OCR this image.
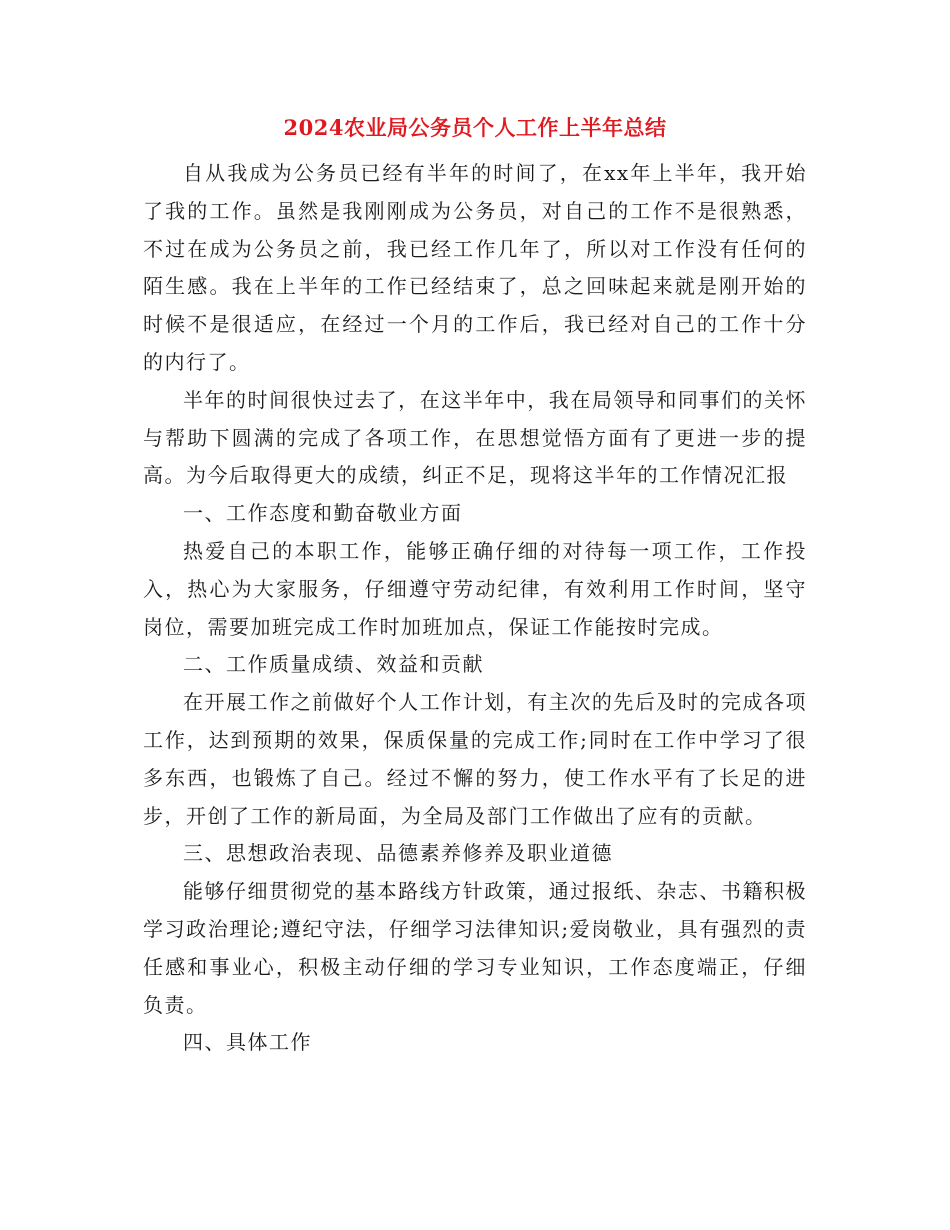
2024农业局公务员个人工作上半年总结

自从我成为公务员已经有半年的时间了，在xx年上半年，我开始了我的工作。虽然是我刚刚成为公务员，对自己的工作不是很熟悉，不过在成为公务员之前，我已经工作几年了，所以对工作没有任何的陌生感。我在上半年的工作已经结束了，总之回味起来就是刚开始的时候不是很适应，在经过一个月的工作后，我已经对自己的工作十分的内行了。

半年的时间很快过去了，在这半年中，我在局领导和同事们的关怀与帮助下圆满的完成了各项工作，在思想觉悟方面有了更进一步的提高。为今后取得更大的成绩，纠正不足，现将这半年的工作情况汇报

一、工作态度和勤奋敬业方面

热爱自己的本职工作，能够正确仔细的对待每一项工作，工作投入，热心为大家服务，仔细遵守劳动纪律，有效利用工作时间，坚守岗位，需要加班完成工作时加班加点，保证工作能按时完成。

二、工作质量成绩、效益和贡献

在开展工作之前做好个人工作计划，有主次的先后及时的完成各项工作，达到预期的效果，保质保量的完成工作;同时在工作中学习了很多东西，也锻炼了自己。经过不懈的努力，使工作水平有了长足的进步，开创了工作的新局面，为全局及部门工作做出了应有的贡献。

三、思想政治表现、品德素养修养及职业道德

能够仔细贯彻党的基本路线方针政策，通过报纸、杂志、书籍积极学习政治理论;遵纪守法，仔细学习法律知识;爱岗敬业，具有强烈的责任感和事业心，积极主动仔细的学习专业知识，工作态度端正，仔细负责。

四、具体工作
